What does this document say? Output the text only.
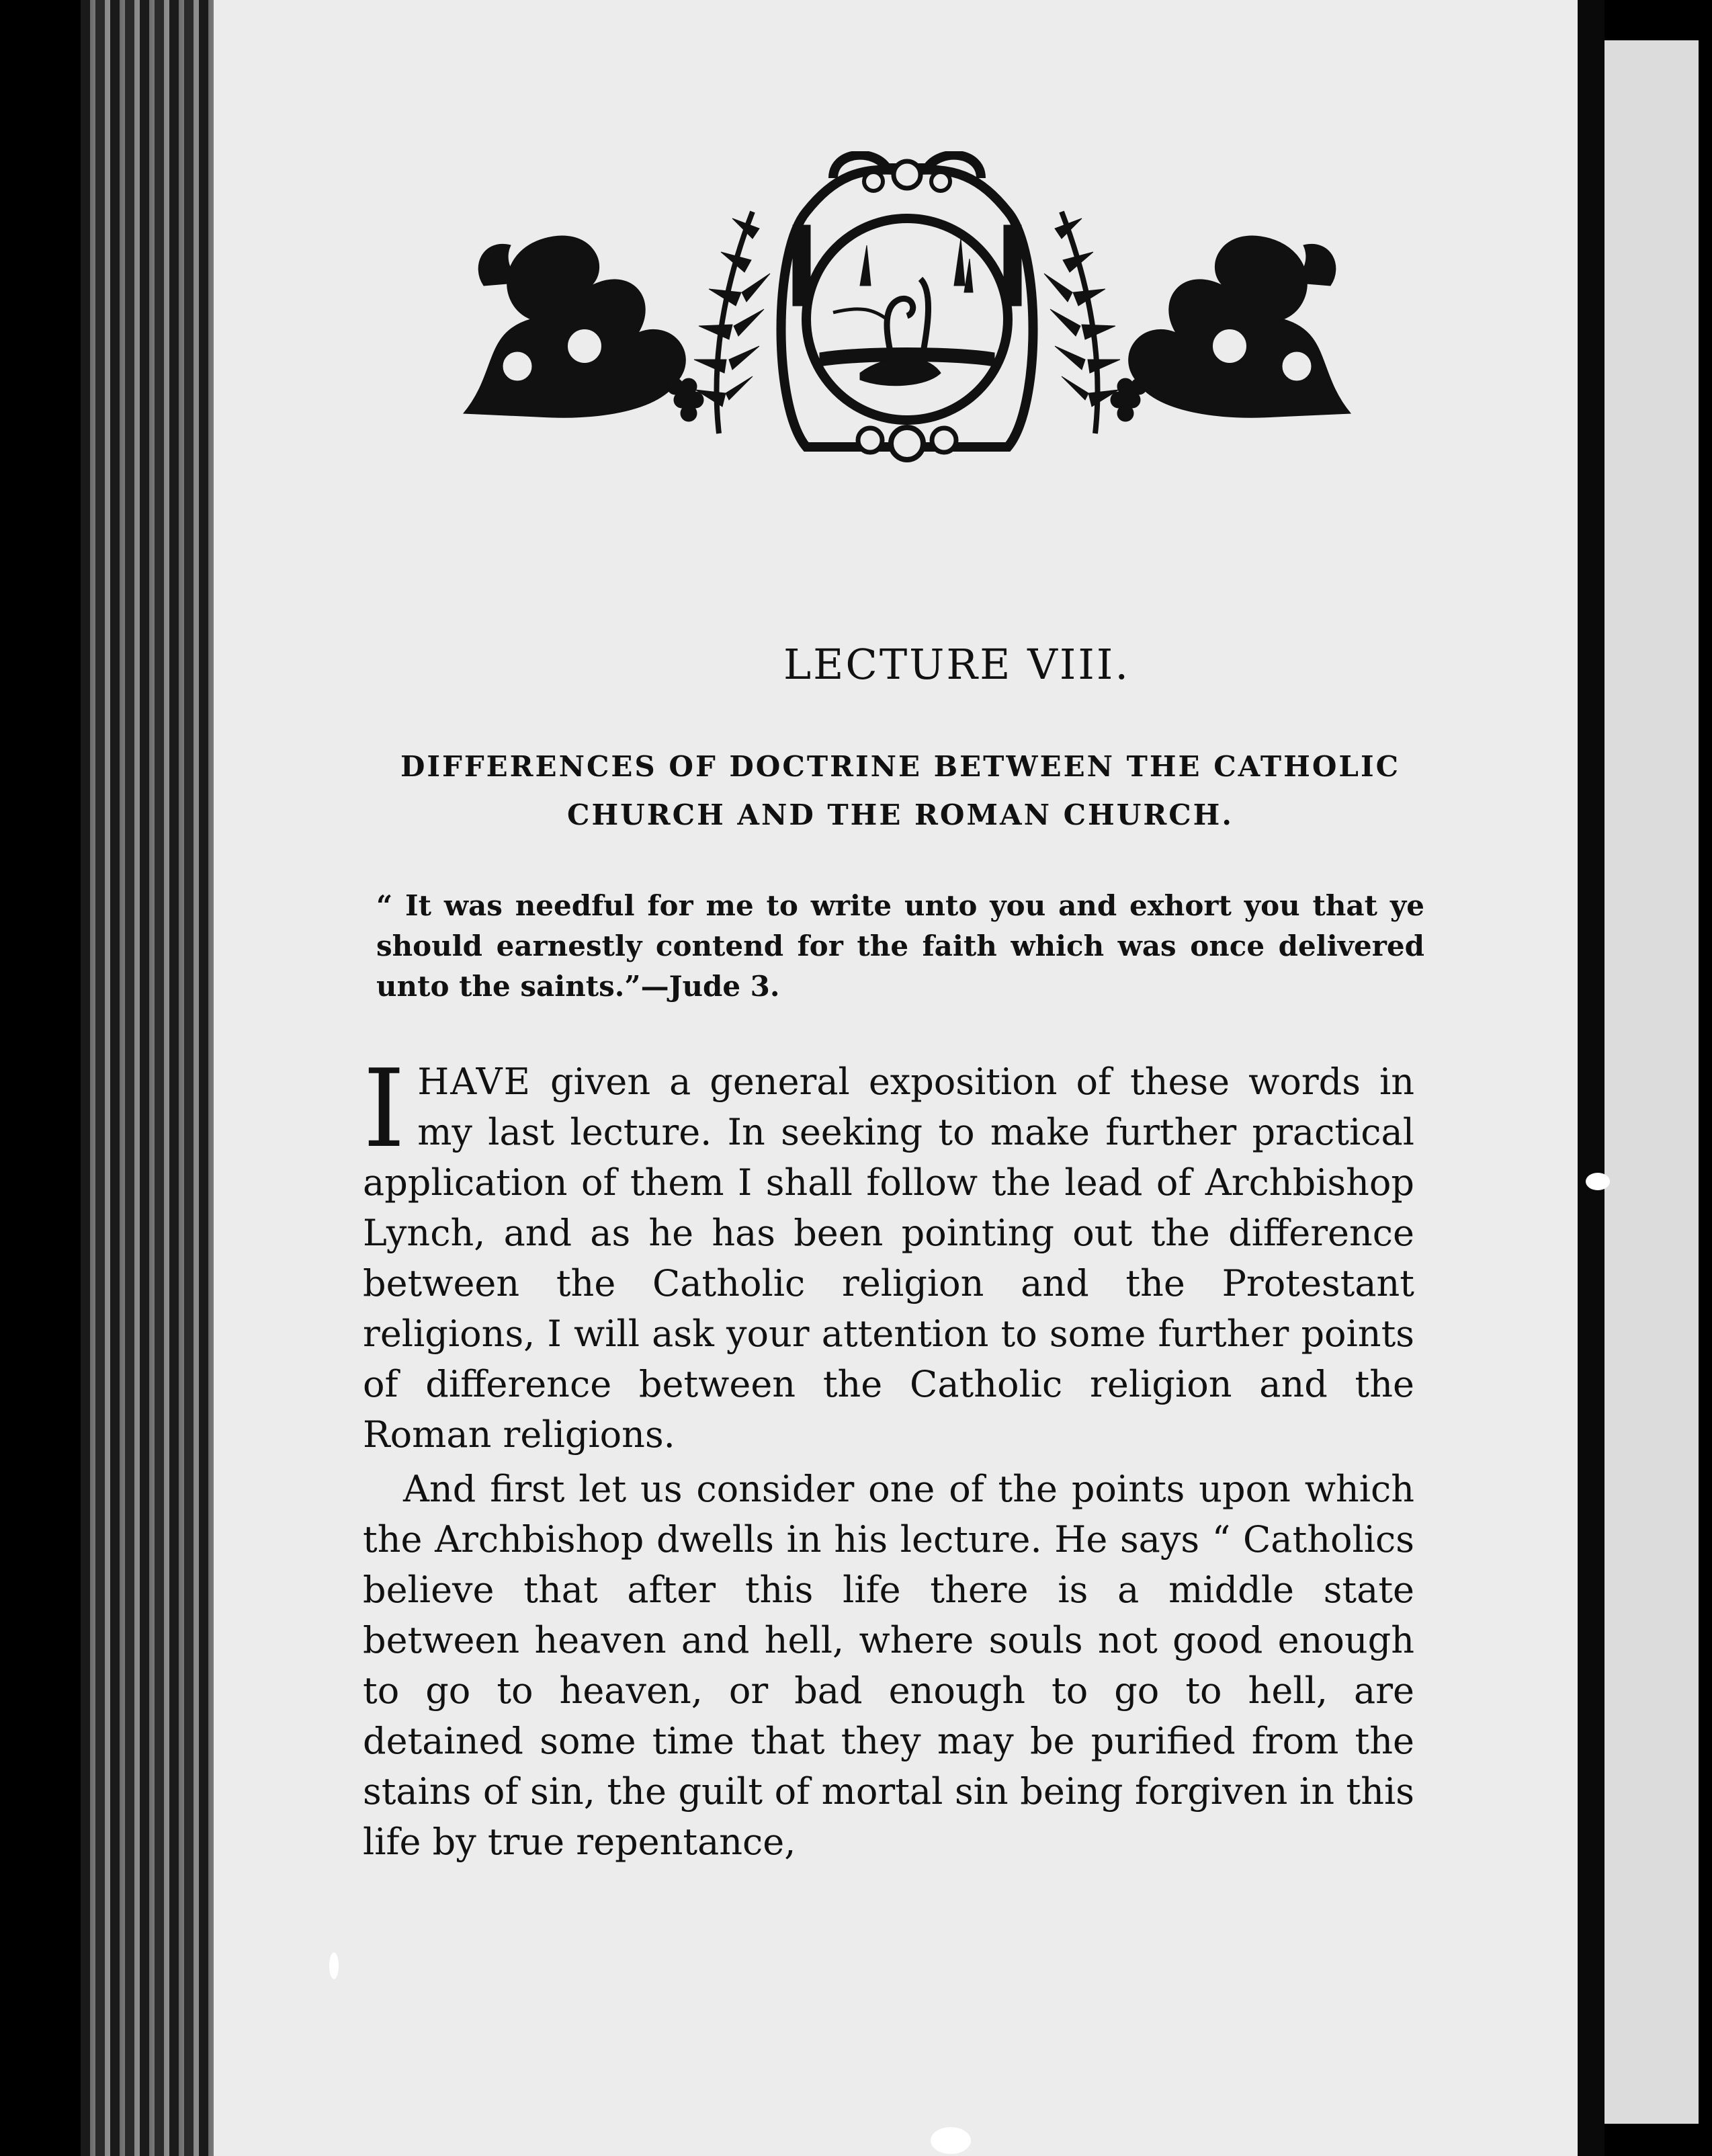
LECTURE VIII.
DIFFERENCES OF DOCTRINE BETWEEN THE CATHOLIC CHURCH AND THE ROMAN CHURCH.
“ It was needful for me to write unto you and exhort you that ye should earnestly contend for the faith which was once delivered unto the saints.”—Jude 3.

IHAVE given a general exposition of these words in my last lecture. In seeking to make further practical application of them I shall follow the lead of Archbishop Lynch, and as he has been pointing out the difference between the Catholic religion and the Protestant religions, I will ask your attention to some further points of difference between the Catholic religion and the Roman religions.

And first let us consider one of the points upon which the Archbishop dwells in his lecture. He says “ Catholics believe that after this life there is a middle state between heaven and hell, where souls not good enough to go to heaven, or bad enough to go to hell, are detained some time that they may be purified from the stains of sin, the guilt of mortal sin being forgiven in this life by true repentance,
